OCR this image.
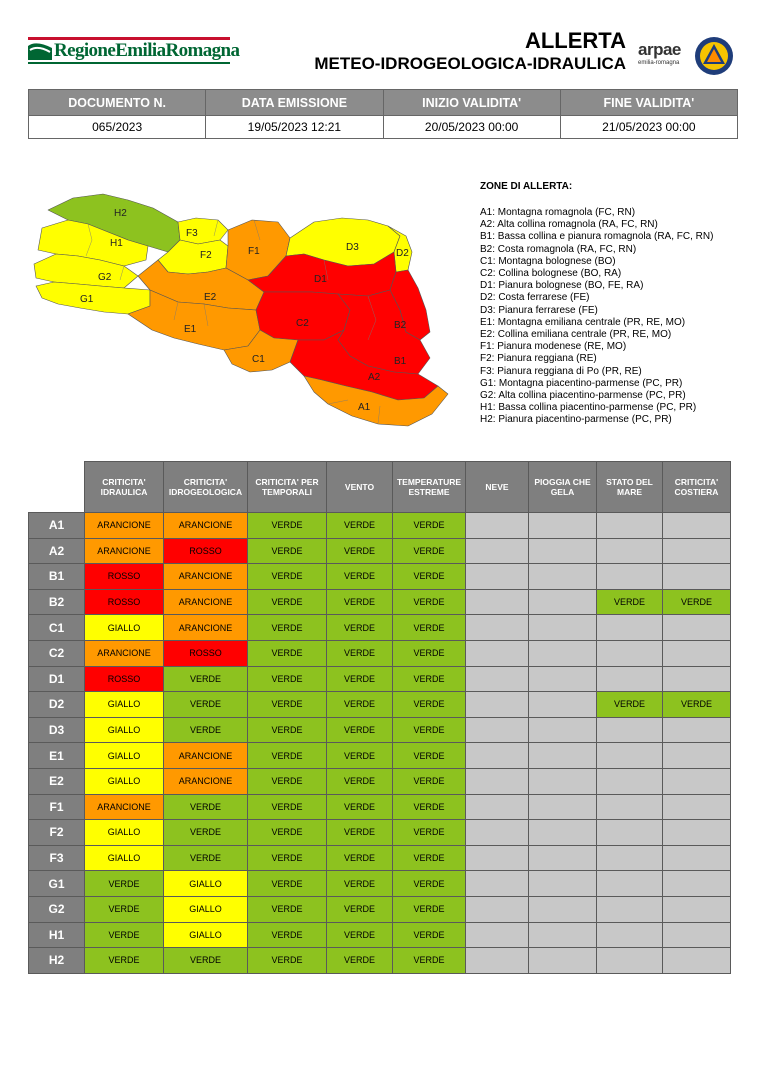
RegioneEmiliaRomagna	ALLERTA
METEO-IDROGEOLOGICA-IDRAULICA
arpae
emilia-romagna
DOCUMENTO N.	DATA EMISSIONE	INIZIO VALIDITA'	FINE VALIDITA'
065/2023	19/05/2023 12:21	20/05/2023 00:00	21/05/2023 00:00
H2
H1
G2
G1
F3
F2	F1
E2
E1
D3
D2
D1
C2
C1
B2
B1
A2
A1
ZONE DI ALLERTA:
A1: Montagna romagnola (FC, RN)
A2: Alta collina romagnola (RA, FC, RN)
B1: Bassa collina e pianura romagnola (RA, FC, RN)
B2: Costa romagnola (RA, FC, RN)
C1: Montagna bolognese (BO)
C2: Collina bolognese (BO, RA)
D1: Pianura bolognese (BO, FE, RA)
D2: Costa ferrarese (FE)
D3: Pianura ferrarese (FE)
E1: Montagna emiliana centrale (PR, RE, MO)
E2: Collina emiliana centrale (PR, RE, MO)
F1: Pianura modenese (RE, MO)
F2: Pianura reggiana (RE)
F3: Pianura reggiana di Po (PR, RE)
G1: Montagna piacentino-parmense (PC, PR)
G2: Alta collina piacentino-parmense (PC, PR)
H1: Bassa collina piacentino-parmense (PC, PR)
H2: Pianura piacentino-parmense (PC, PR)
	CRITICITA' IDRAULICA	CRITICITA' IDROGEOLOGICA	CRITICITA' PER TEMPORALI	VENTO	TEMPERATURE ESTREME	NEVE	PIOGGIA CHE GELA	STATO DEL MARE	CRITICITA' COSTIERA
A1	ARANCIONE	ARANCIONE	VERDE	VERDE	VERDE				
A2	ARANCIONE	ROSSO	VERDE	VERDE	VERDE				
B1	ROSSO	ARANCIONE	VERDE	VERDE	VERDE				
B2	ROSSO	ARANCIONE	VERDE	VERDE	VERDE			VERDE	VERDE
C1	GIALLO	ARANCIONE	VERDE	VERDE	VERDE				
C2	ARANCIONE	ROSSO	VERDE	VERDE	VERDE				
D1	ROSSO	VERDE	VERDE	VERDE	VERDE				
D2	GIALLO	VERDE	VERDE	VERDE	VERDE			VERDE	VERDE
D3	GIALLO	VERDE	VERDE	VERDE	VERDE				
E1	GIALLO	ARANCIONE	VERDE	VERDE	VERDE				
E2	GIALLO	ARANCIONE	VERDE	VERDE	VERDE				
F1	ARANCIONE	VERDE	VERDE	VERDE	VERDE				
F2	GIALLO	VERDE	VERDE	VERDE	VERDE				
F3	GIALLO	VERDE	VERDE	VERDE	VERDE				
G1	VERDE	GIALLO	VERDE	VERDE	VERDE				
G2	VERDE	GIALLO	VERDE	VERDE	VERDE				
H1	VERDE	GIALLO	VERDE	VERDE	VERDE				
H2	VERDE	VERDE	VERDE	VERDE	VERDE				
